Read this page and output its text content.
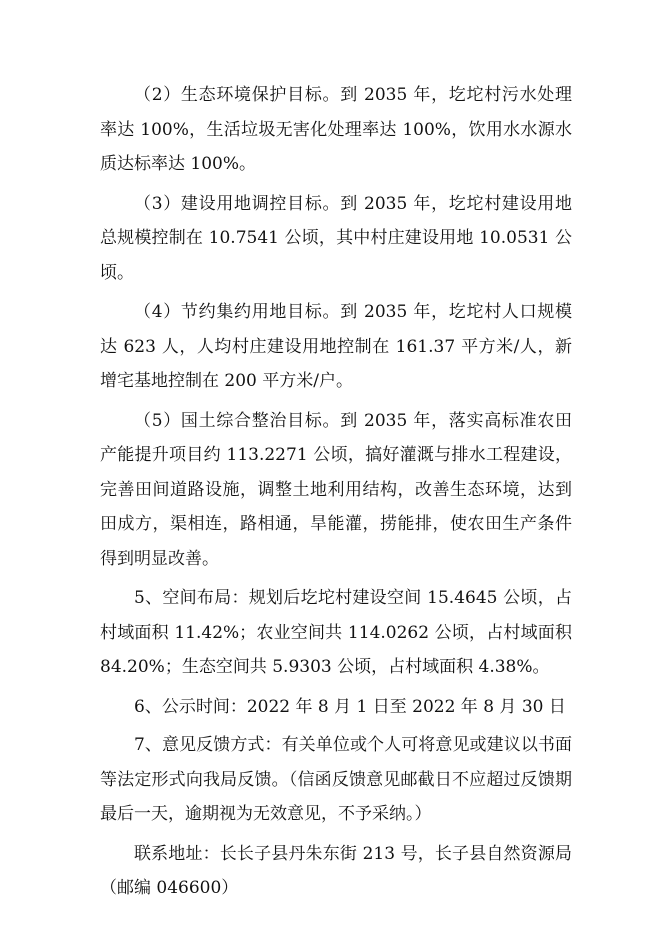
（2）生态环境保护目标。到 2035 年，圪坨村污水处理率达 100%，生活垃圾无害化处理率达 100%，饮用水水源水质达标率达 100%。

（3）建设用地调控目标。到 2035 年，圪坨村建设用地总规模控制在 10.7541 公顷，其中村庄建设用地 10.0531 公顷。

（4）节约集约用地目标。到 2035 年，圪坨村人口规模达 623 人，人均村庄建设用地控制在 161.37 平方米/人，新增宅基地控制在 200 平方米/户。

（5）国土综合整治目标。到 2035 年，落实高标准农田产能提升项目约 113.2271 公顷，搞好灌溉与排水工程建设，完善田间道路设施，调整土地利用结构，改善生态环境，达到田成方，渠相连，路相通，旱能灌，捞能排，使农田生产条件得到明显改善。

5、空间布局：规划后圪坨村建设空间 15.4645 公顷，占村域面积 11.42%；农业空间共 114.0262 公顷，占村域面积 84.20%；生态空间共 5.9303 公顷，占村域面积 4.38%。

6、公示时间：2022 年 8 月 1 日至 2022 年 8 月 30 日

7、意见反馈方式：有关单位或个人可将意见或建议以书面等法定形式向我局反馈。（信函反馈意见邮截日不应超过反馈期最后一天，逾期视为无效意见，不予采纳。）

联系地址：长长子县丹朱东街 213 号，长子县自然资源局（邮编 046600）
